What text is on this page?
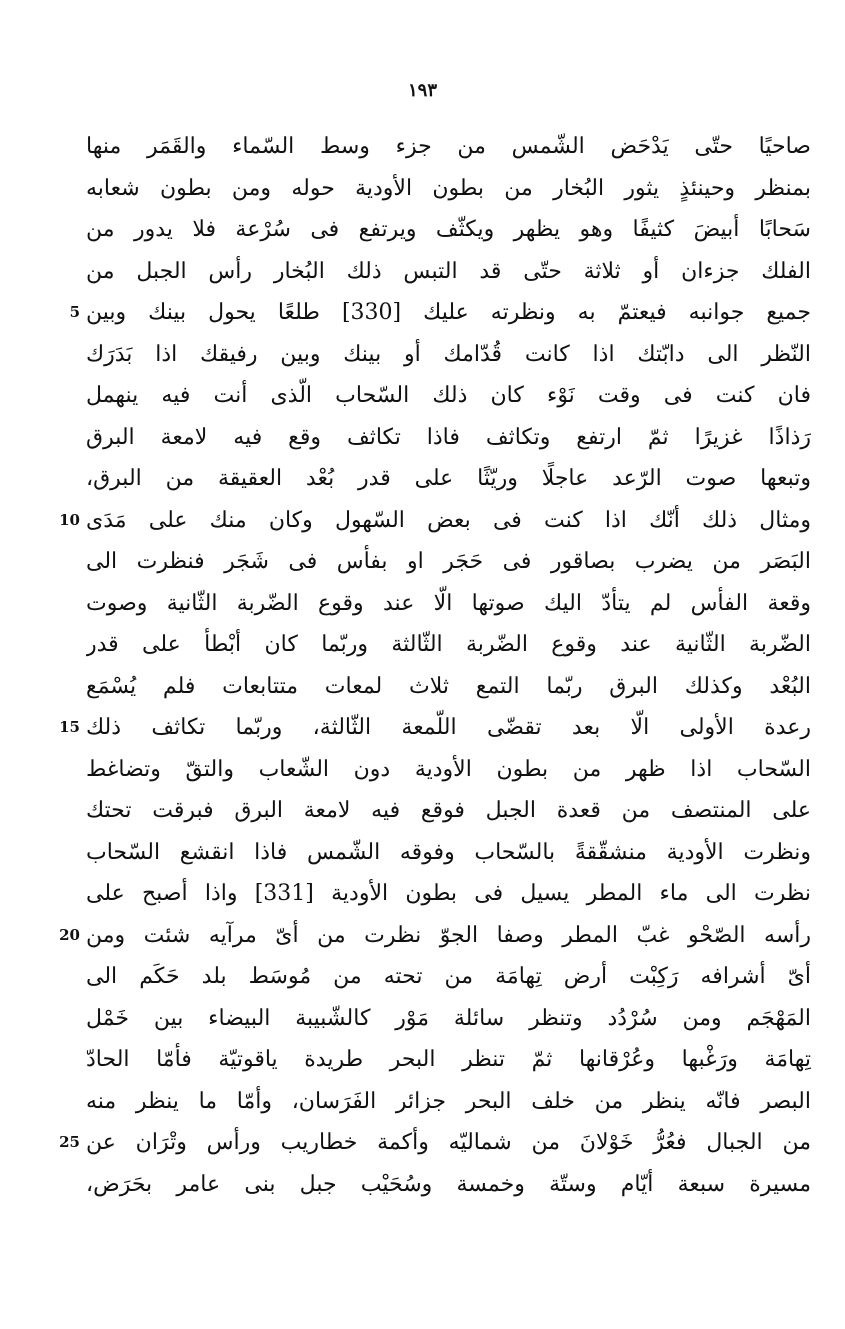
١٩٣
صاحيًا حتّى يَدْحَض الشّمس من جزء وسط السّماء والقَمَر منها
بمنظر وحينئذٍ يثور البُخار من بطون الأودية حوله ومن بطون شعابه
سَحابًا أبيضَ كثيفًا وهو يظهر ويكثّف ويرتفع فى سُرْعة فلا يدور من
الفلك جزءان أو ثلاثة حتّى قد التبس ذلك البُخار رأس الجبل من
5 جميع جوانبه فيعتمّ به ونظرته عليك [330] طلعًا يحول بينك وبين
النّظر الى دابّتك اذا كانت قُدّامك أو بينك وبين رفيقك اذا بَدَرَك
فان كنت فى وقت نَوْء كان ذلك السّحاب الّذى أنت فيه ينهمل
رَذاذًا غزيرًا ثمّ ارتفع وتكاثف فاذا تكاثف وقع فيه لامعة البرق
وتبعها صوت الرّعد عاجلًا وريّثًا على قدر بُعْد العقيقة من البرق،
10 ومثال ذلك أنّك اذا كنت فى بعض السّهول وكان منك على مَدَى
البَصَر من يضرب بصاقور فى حَجَر او بفأس فى شَجَر فنظرت الى
وقعة الفأس لم يتأدّ اليك صوتها الّا عند وقوع الضّربة الثّانية وصوت
الضّربة الثّانية عند وقوع الضّربة الثّالثة وربّما كان أبْطأ على قدر
البُعْد وكذلك البرق ربّما التمع ثلاث لمعات متتابعات فلم يُسْمَع
15 رعدة الأولى الّا بعد تقضّى اللّمعة الثّالثة، وربّما تكاثف ذلك
السّحاب اذا ظهر من بطون الأودية دون الشّعاب والتقّ وتضاغط
على المنتصف من قعدة الجبل فوقع فيه لامعة البرق فبرقت تحتك
ونظرت الأودية منشقّقةً بالسّحاب وفوقه الشّمس فاذا انقشع السّحاب
نظرت الى ماء المطر يسيل فى بطون الأودية [331] واذا أصبح على
20 رأسه الصّحْو غبّ المطر وصفا الجوّ نظرت من أىّ مرآيه شئت ومن
أىّ أشرافه رَكِبْت أرض تِهامَة من تحته من مُوسَط بلد حَكَم الى
المَهْجَم ومن سُرْدُد وتنظر سائلة مَوْر كالشّبيبة البيضاء بين خَمْل
تِهامَة ورَغْبها وعُرْقانها ثمّ تنظر البحر طريدة ياقوتيّة فأمّا الحادّ
البصر فانّه ينظر من خلف البحر جزائر الفَرَسان، وأمّا ما ينظر منه
25 من الجبال فعُرُّ خَوْلانَ من شماليّه وأكمة خطاريب ورأس وتْرَان عن
مسيرة سبعة أيّام وستّة وخمسة وسُحَيْب جبل بنى عامر بحَرَض،
